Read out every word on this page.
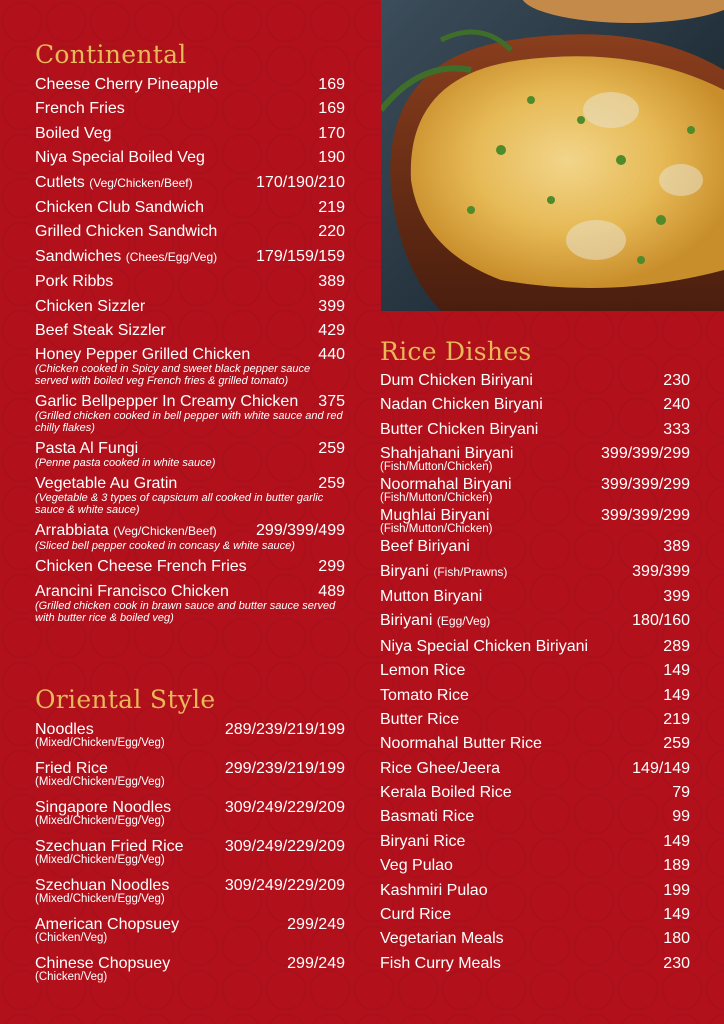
Continental
Cheese Cherry Pineapple	169
French Fries	169
Boiled Veg	170
Niya Special Boiled Veg	190
Cutlets (Veg/Chicken/Beef)	170/190/210
Chicken Club Sandwich	219
Grilled Chicken Sandwich	220
Sandwiches (Chees/Egg/Veg) 179/159/159
Pork Ribbs	389
Chicken Sizzler	399
Beef Steak Sizzler	429
Honey Pepper Grilled Chicken	440
(Chicken cooked in Spicy and sweet black pepper sauce served with boiled veg French fries & grilled tomato)
Garlic Bellpepper In Creamy Chicken 375
(Grilled chicken cooked in bell pepper with white sauce and red chilly flakes)
Pasta Al Fungi	259
(Penne pasta cooked in white sauce)
Vegetable Au Gratin	259
(Vegetable & 3 types of capsicum all cooked in butter garlic sauce & white sauce)
Arrabbiata (Veg/Chicken/Beef) 299/399/499
(Sliced bell pepper cooked in concasy & white sauce)
Chicken Cheese French Fries	299
Arancini Francisco Chicken	489
(Grilled chicken cook in brawn sauce and butter sauce served with butter rice & boiled veg)
Oriental Style
Noodles	289/239/219/199
(Mixed/Chicken/Egg/Veg)
Fried Rice	299/239/219/199
(Mixed/Chicken/Egg/Veg)
Singapore Noodles	309/249/229/209
(Mixed/Chicken/Egg/Veg)
Szechuan Fried Rice	309/249/229/209
(Mixed/Chicken/Egg/Veg)
Szechuan Noodles	309/249/229/209
(Mixed/Chicken/Egg/Veg)
American Chopsuey	299/249
(Chicken/Veg)
Chinese Chopsuey	299/249
(Chicken/Veg)
Rice Dishes
Dum Chicken Biriyani	230
Nadan Chicken Biryani	240
Butter Chicken Biryani	333
Shahjahani Biryani	399/399/299
(Fish/Mutton/Chicken)
Noormahal Biryani	399/399/299
(Fish/Mutton/Chicken)
Mughlai Biryani	399/399/299
(Fish/Mutton/Chicken)
Beef Biriyani	389
Biryani (Fish/Prawns)	399/399
Mutton Biryani	399
Biriyani (Egg/Veg)	180/160
Niya Special Chicken Biriyani	289
Lemon Rice	149
Tomato Rice	149
Butter Rice	219
Noormahal Butter Rice	259
Rice Ghee/Jeera	149/149
Kerala Boiled Rice	79
Basmati Rice	99
Biryani Rice	149
Veg Pulao	189
Kashmiri Pulao	199
Curd Rice	149
Vegetarian Meals	180
Fish Curry Meals	230
